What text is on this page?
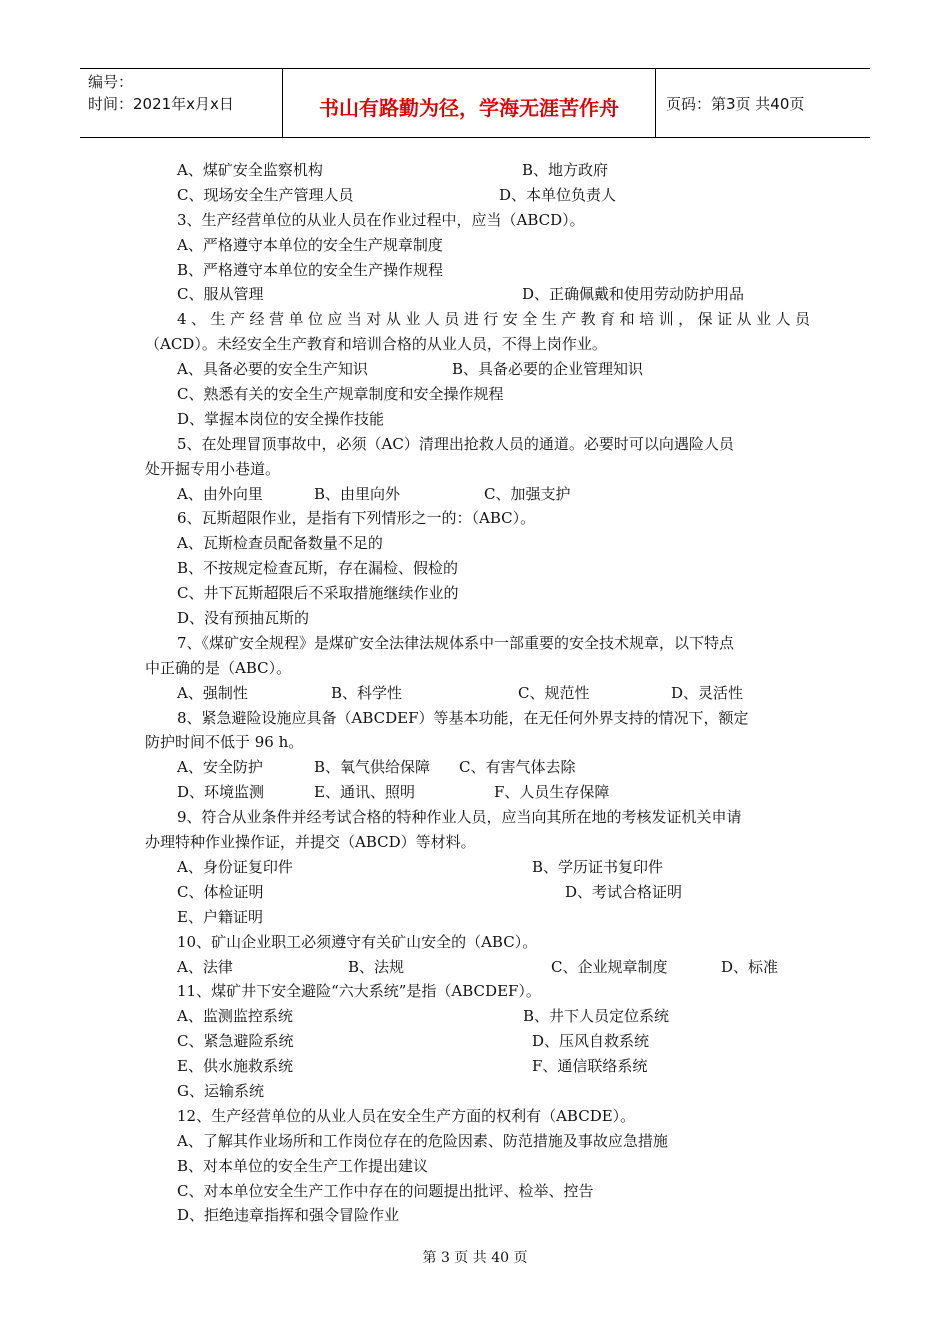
编号：
时间：2021年x月x日	书山有路勤为径，学海无涯苦作舟	页码：第3页 共40页
A、煤矿安全监察机构	B、地方政府
C、现场安全生产管理人员	D、本单位负责人
3、生产经营单位的从业人员在作业过程中，应当（ABCD）。
A、严格遵守本单位的安全生产规章制度
B、严格遵守本单位的安全生产操作规程
C、服从管理	D、正确佩戴和使用劳动防护用品
4、生产经营单位应当对从业人员进行安全生产教育和培训，保证从业人员
（ACD）。未经安全生产教育和培训合格的从业人员，不得上岗作业。
A、具备必要的安全生产知识	B、具备必要的企业管理知识
C、熟悉有关的安全生产规章制度和安全操作规程
D、掌握本岗位的安全操作技能
5、在处理冒顶事故中，必须（AC）清理出抢救人员的通道。必要时可以向遇险人员
处开掘专用小巷道。
A、由外向里	B、由里向外	C、加强支护
6、瓦斯超限作业，是指有下列情形之一的：（ABC）。
A、瓦斯检查员配备数量不足的
B、不按规定检查瓦斯，存在漏检、假检的
C、井下瓦斯超限后不采取措施继续作业的
D、没有预抽瓦斯的
7、《煤矿安全规程》是煤矿安全法律法规体系中一部重要的安全技术规章，以下特点
中正确的是（ABC）。
A、强制性	B、科学性	C、规范性	D、灵活性
8、紧急避险设施应具备（ABCDEF）等基本功能，在无任何外界支持的情况下，额定
防护时间不低于 96 h。
A、安全防护	B、氧气供给保障 C、有害气体去除
D、环境监测	E、通讯、照明	F、人员生存保障
9、符合从业条件并经考试合格的特种作业人员，应当向其所在地的考核发证机关申请
办理特种作业操作证，并提交（ABCD）等材料。
A、身份证复印件	B、学历证书复印件
C、体检证明	D、考试合格证明
E、户籍证明
10、矿山企业职工必须遵守有关矿山安全的（ABC）。
A、法律	B、法规	C、企业规章制度	D、标准
11、煤矿井下安全避险“六大系统”是指（ABCDEF）。
A、监测监控系统	B、井下人员定位系统
C、紧急避险系统	D、压风自救系统
E、供水施救系统	F、通信联络系统
G、运输系统
12、生产经营单位的从业人员在安全生产方面的权利有（ABCDE）。
A、了解其作业场所和工作岗位存在的危险因素、防范措施及事故应急措施
B、对本单位的安全生产工作提出建议
C、对本单位安全生产工作中存在的问题提出批评、检举、控告
D、拒绝违章指挥和强令冒险作业
第 3 页 共 40 页
